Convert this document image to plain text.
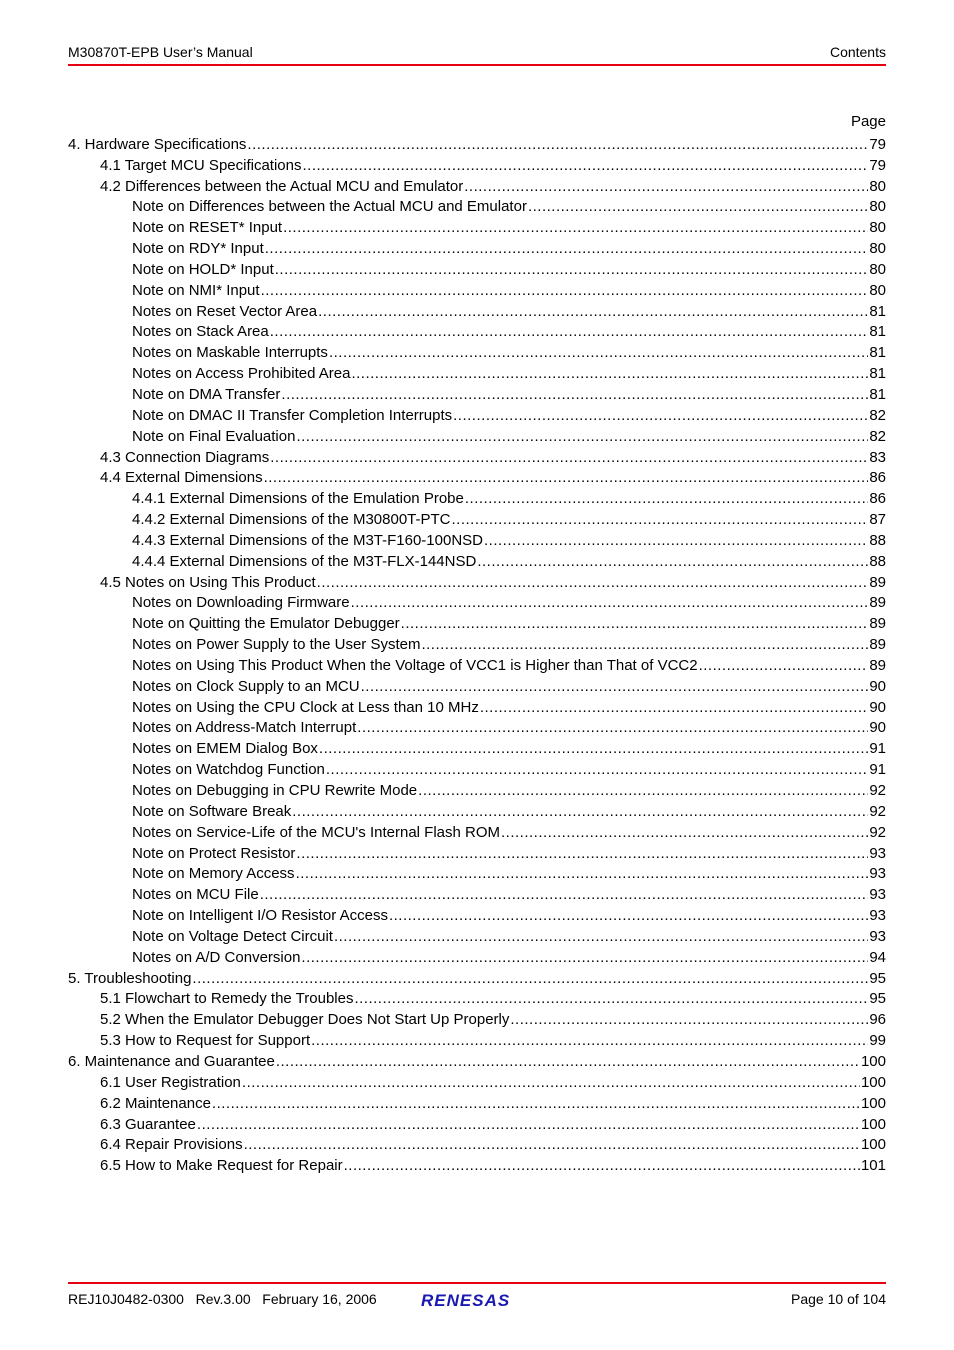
M30870T-EPB User’s Manual	Contents
Page
4. Hardware Specifications .....	79
4.1 Target MCU Specifications .....	79
4.2 Differences between the Actual MCU and Emulator .....	80
Note on Differences between the Actual MCU and Emulator .....	80
Note on RESET* Input .....	80
Note on RDY* Input .....	80
Note on HOLD* Input .....	80
Note on NMI* Input .....	80
Notes on Reset Vector Area .....	81
Notes on Stack Area .....	81
Notes on Maskable Interrupts .....	81
Notes on Access Prohibited Area .....	81
Note on DMA Transfer .....	81
Note on DMAC II Transfer Completion Interrupts .....	82
Note on Final Evaluation .....	82
4.3 Connection Diagrams .....	83
4.4 External Dimensions .....	86
4.4.1 External Dimensions of the Emulation Probe .....	86
4.4.2 External Dimensions of the M30800T-PTC .....	87
4.4.3 External Dimensions of the M3T-F160-100NSD .....	88
4.4.4 External Dimensions of the M3T-FLX-144NSD .....	88
4.5 Notes on Using This Product .....	89
Notes on Downloading Firmware .....	89
Note on Quitting the Emulator Debugger .....	89
Notes on Power Supply to the User System .....	89
Notes on Using This Product When the Voltage of VCC1 is Higher than That of VCC2 .....	89
Notes on Clock Supply to an MCU .....	90
Notes on Using the CPU Clock at Less than 10 MHz .....	90
Notes on Address-Match Interrupt .....	90
Notes on EMEM Dialog Box .....	91
Notes on Watchdog Function .....	91
Notes on Debugging in CPU Rewrite Mode .....	92
Note on Software Break .....	92
Notes on Service-Life of the MCU's Internal Flash ROM .....	92
Note on Protect Resistor .....	93
Note on Memory Access .....	93
Notes on MCU File .....	93
Note on Intelligent I/O Resistor Access .....	93
Note on Voltage Detect Circuit .....	93
Notes on A/D Conversion .....	94
5. Troubleshooting .....	95
5.1 Flowchart to Remedy the Troubles .....	95
5.2 When the Emulator Debugger Does Not Start Up Properly .....	96
5.3 How to Request for Support .....	99
6. Maintenance and Guarantee .....	100
6.1 User Registration .....	100
6.2 Maintenance .....	100
6.3 Guarantee .....	100
6.4 Repair Provisions .....	100
6.5 How to Make Request for Repair .....	101
REJ10J0482-0300   Rev.3.00   February 16, 2006	RENESAS	Page 10 of 104
